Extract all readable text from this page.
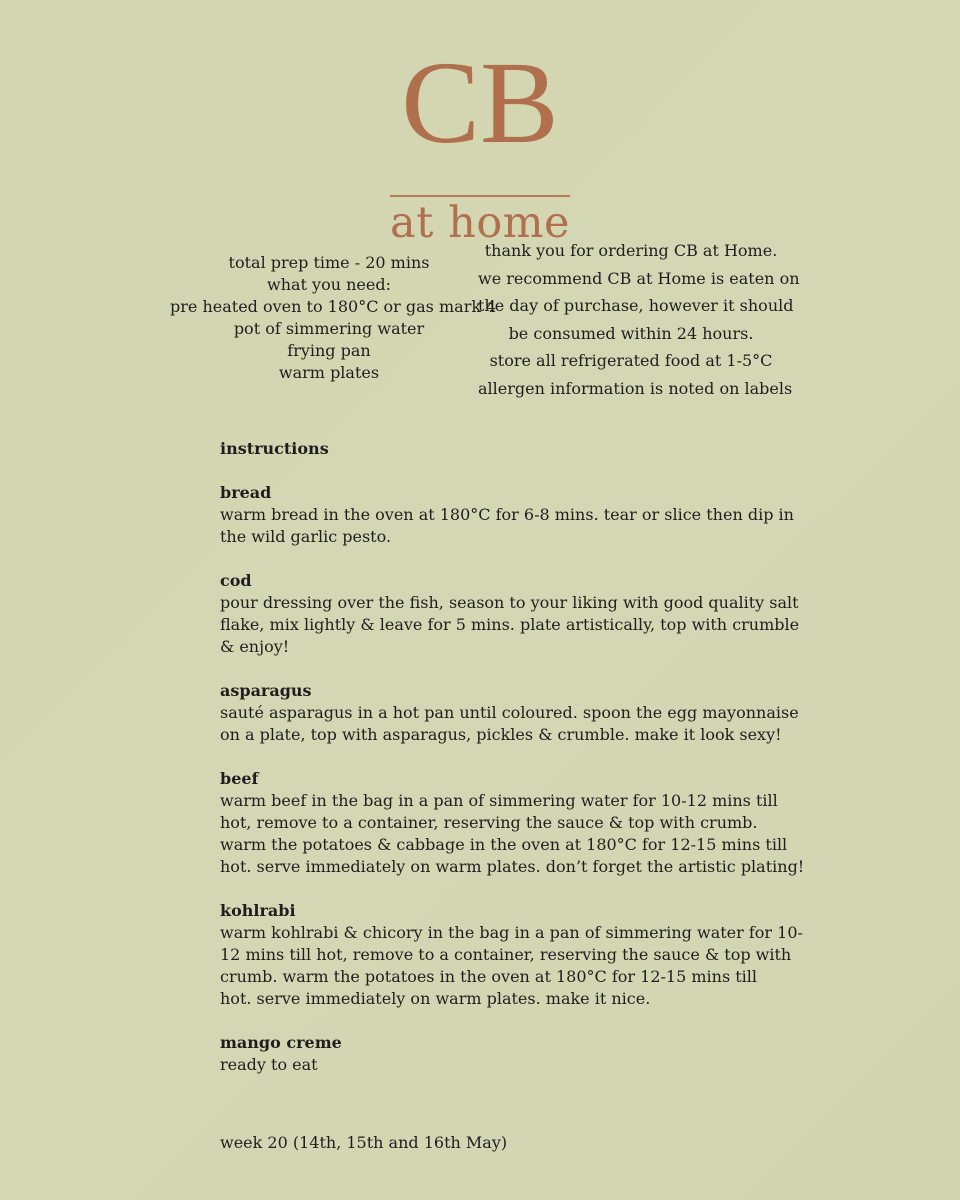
CB
at home
total prep time - 20 mins
what you need:
pre heated oven to 180°C or gas mark 4
pot of simmering water
frying pan
warm plates
thank you for ordering CB at Home.
we recommend CB at Home is eaten on
the day of purchase, however it should
be consumed within 24 hours.
store all refrigerated food at 1-5°C
allergen information is noted on labels
instructions
bread
warm bread in the oven at 180°C for 6-8 mins. tear or slice then dip in
the wild garlic pesto.
cod
pour dressing over the fish, season to your liking with good quality salt
flake, mix lightly & leave for 5 mins. plate artistically, top with crumble
& enjoy!
asparagus
sauté asparagus in a hot pan until coloured. spoon the egg mayonnaise
on a plate, top with asparagus, pickles & crumble. make it look sexy!
beef
warm beef in the bag in a pan of simmering water for 10-12 mins till
hot, remove to a container, reserving the sauce & top with crumb.
warm the potatoes & cabbage in the oven at 180°C for 12-15 mins till
hot. serve immediately on warm plates. don’t forget the artistic plating!
kohlrabi
warm kohlrabi & chicory in the bag in a pan of simmering water for 10-
12 mins till hot, remove to a container, reserving the sauce & top with
crumb. warm the potatoes in the oven at 180°C for 12-15 mins till
hot. serve immediately on warm plates. make it nice.
mango creme
ready to eat
week 20 (14th, 15th and 16th May)
